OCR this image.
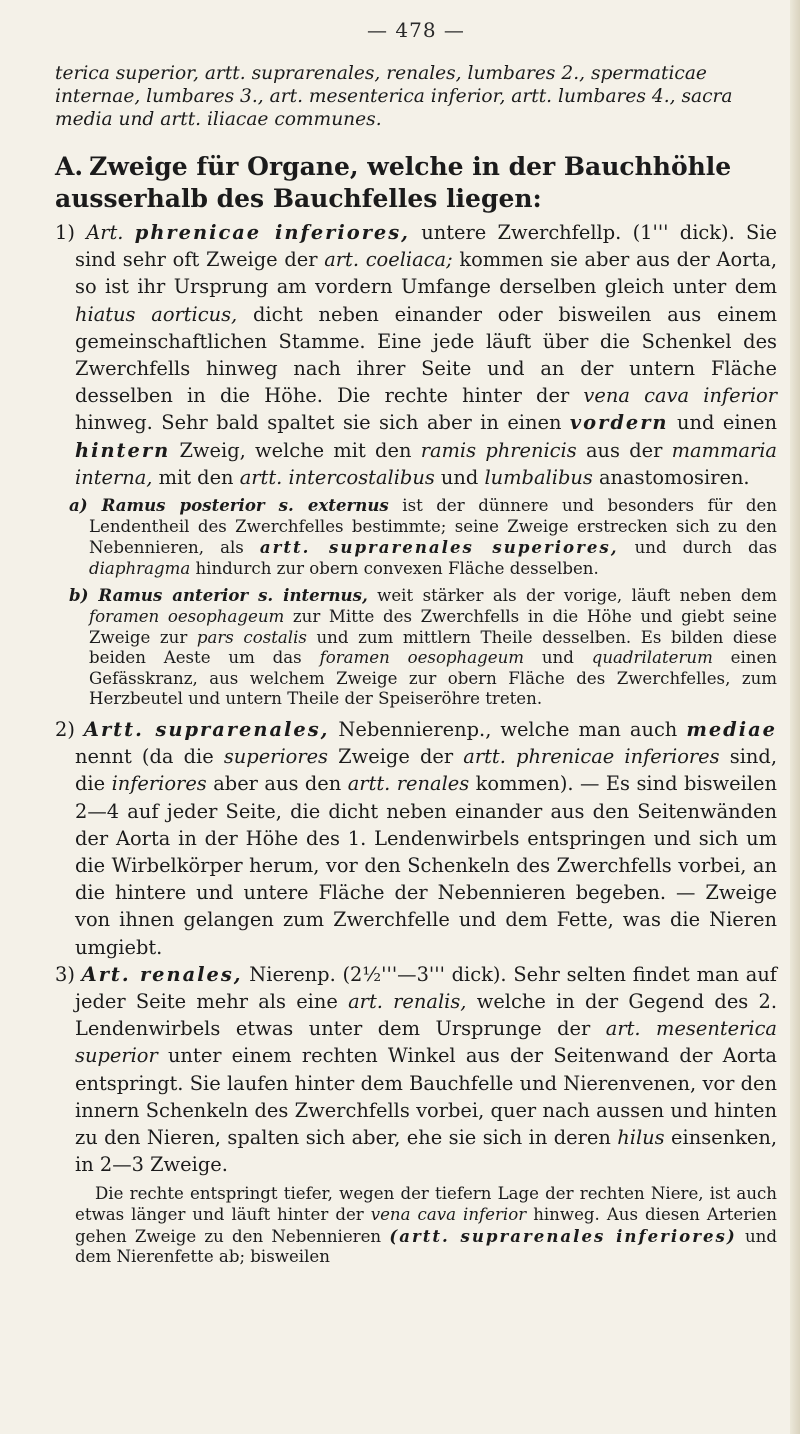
— 478 —

terica superior, artt. suprarenales, renales, lumbares 2., spermaticae internae, lumbares 3., art. mesenterica inferior, artt. lumbares 4., sacra media und artt. iliacae communes.

A. Zweige für Organe, welche in der Bauchhöhle ausserhalb des Bauchfelles liegen:

1) Art. phrenicae inferiores, untere Zwerchfellp. (1''' dick). Sie sind sehr oft Zweige der art. coeliaca; kommen sie aber aus der Aorta, so ist ihr Ursprung am vordern Umfange derselben gleich unter dem hiatus aorticus, dicht neben einander oder bisweilen aus einem gemeinschaftlichen Stamme. Eine jede läuft über die Schenkel des Zwerchfells hinweg nach ihrer Seite und an der untern Fläche desselben in die Höhe. Die rechte hinter der vena cava inferior hinweg. Sehr bald spaltet sie sich aber in einen vordern und einen hintern Zweig, welche mit den ramis phrenicis aus der mammaria interna, mit den artt. intercostalibus und lumbalibus anastomosiren.

a) Ramus posterior s. externus ist der dünnere und besonders für den Lendentheil des Zwerchfelles bestimmte; seine Zweige erstrecken sich zu den Nebennieren, als artt. suprarenales superiores, und durch das diaphragma hindurch zur obern convexen Fläche desselben.

b) Ramus anterior s. internus, weit stärker als der vorige, läuft neben dem foramen oesophageum zur Mitte des Zwerchfells in die Höhe und giebt seine Zweige zur pars costalis und zum mittlern Theile desselben. Es bilden diese beiden Aeste um das foramen oesophageum und quadrilaterum einen Gefässkranz, aus welchem Zweige zur obern Fläche des Zwerchfelles, zum Herzbeutel und untern Theile der Speiseröhre treten.

2) Artt. suprarenales, Nebennierenp., welche man auch mediae nennt (da die superiores Zweige der artt. phrenicae inferiores sind, die inferiores aber aus den artt. renales kommen). — Es sind bisweilen 2—4 auf jeder Seite, die dicht neben einander aus den Seitenwänden der Aorta in der Höhe des 1. Lendenwirbels entspringen und sich um die Wirbelkörper herum, vor den Schenkeln des Zwerchfells vorbei, an die hintere und untere Fläche der Nebennieren begeben. — Zweige von ihnen gelangen zum Zwerchfelle und dem Fette, was die Nieren umgiebt.

3) Art. renales, Nierenp. (2½'''—3''' dick). Sehr selten findet man auf jeder Seite mehr als eine art. renalis, welche in der Gegend des 2. Lendenwirbels etwas unter dem Ursprunge der art. mesenterica superior unter einem rechten Winkel aus der Seitenwand der Aorta entspringt. Sie laufen hinter dem Bauchfelle und Nierenvenen, vor den innern Schenkeln des Zwerchfells vorbei, quer nach aussen und hinten zu den Nieren, spalten sich aber, ehe sie sich in deren hilus einsenken, in 2—3 Zweige.

Die rechte entspringt tiefer, wegen der tiefern Lage der rechten Niere, ist auch etwas länger und läuft hinter der vena cava inferior hinweg. Aus diesen Arterien gehen Zweige zu den Nebennieren (artt. suprarenales inferiores) und dem Nierenfette ab; bisweilen
